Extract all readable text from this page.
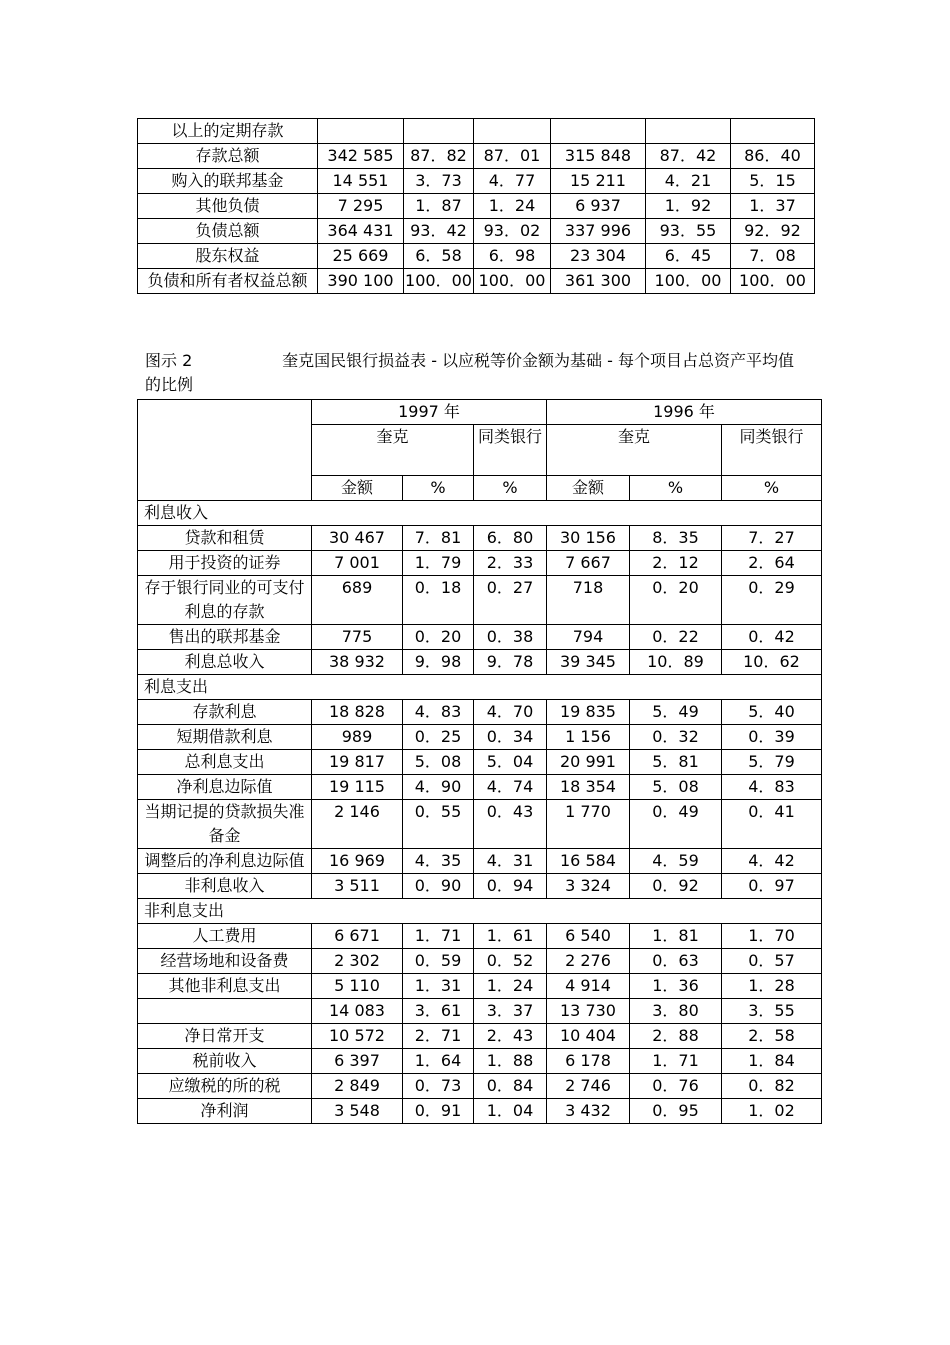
以上的定期存款						
存款总额	342 585	87．82	87．01	315 848	87．42	86．40
购入的联邦基金	14 551	3．73	4．77	15 211	4．21	5．15
其他负债	7 295	1．87	1．24	6 937	1．92	1．37
负债总额	364 431	93．42	93．02	337 996	93．55	92．92
股东权益	25 669	6．58	6．98	23 304	6．45	7．08
负债和所有者权益总额	390 100	100．00	100．00	361 300	100．00	100．00
图示 2	奎克国民银行损益表 - 以应税等价金额为基础 - 每个项目占总资产平均值的比例
	1997 年			1996 年		
	奎克		同类银行	奎克		同类银行
	金额	%	%	金额	%	%
利息收入						
贷款和租赁	30 467	7．81	6．80	30 156	8．35	7．27
用于投资的证券	7 001	1．79	2．33	7 667	2．12	2．64
存于银行同业的可支付利息的存款	689	0．18	0．27	718	0．20	0．29
售出的联邦基金	775	0．20	0．38	794	0．22	0．42
利息总收入	38 932	9．98	9．78	39 345	10．89	10．62
利息支出						
存款利息	18 828	4．83	4．70	19 835	5．49	5．40
短期借款利息	989	0．25	0．34	1 156	0．32	0．39
总利息支出	19 817	5．08	5．04	20 991	5．81	5．79
净利息边际值	19 115	4．90	4．74	18 354	5．08	4．83
当期记提的贷款损失准备金	2 146	0．55	0．43	1 770	0．49	0．41
调整后的净利息边际值	16 969	4．35	4．31	16 584	4．59	4．42
非利息收入	3 511	0．90	0．94	3 324	0．92	0．97
非利息支出						
人工费用	6 671	1．71	1．61	6 540	1．81	1．70
经营场地和设备费	2 302	0．59	0．52	2 276	0．63	0．57
其他非利息支出	5 110	1．31	1．24	4 914	1．36	1．28
	14 083	3．61	3．37	13 730	3．80	3．55
净日常开支	10 572	2．71	2．43	10 404	2．88	2．58
税前收入	6 397	1．64	1．88	6 178	1．71	1．84
应缴税的所的税	2 849	0．73	0．84	2 746	0．76	0．82
净利润	3 548	0．91	1．04	3 432	0．95	1．02
